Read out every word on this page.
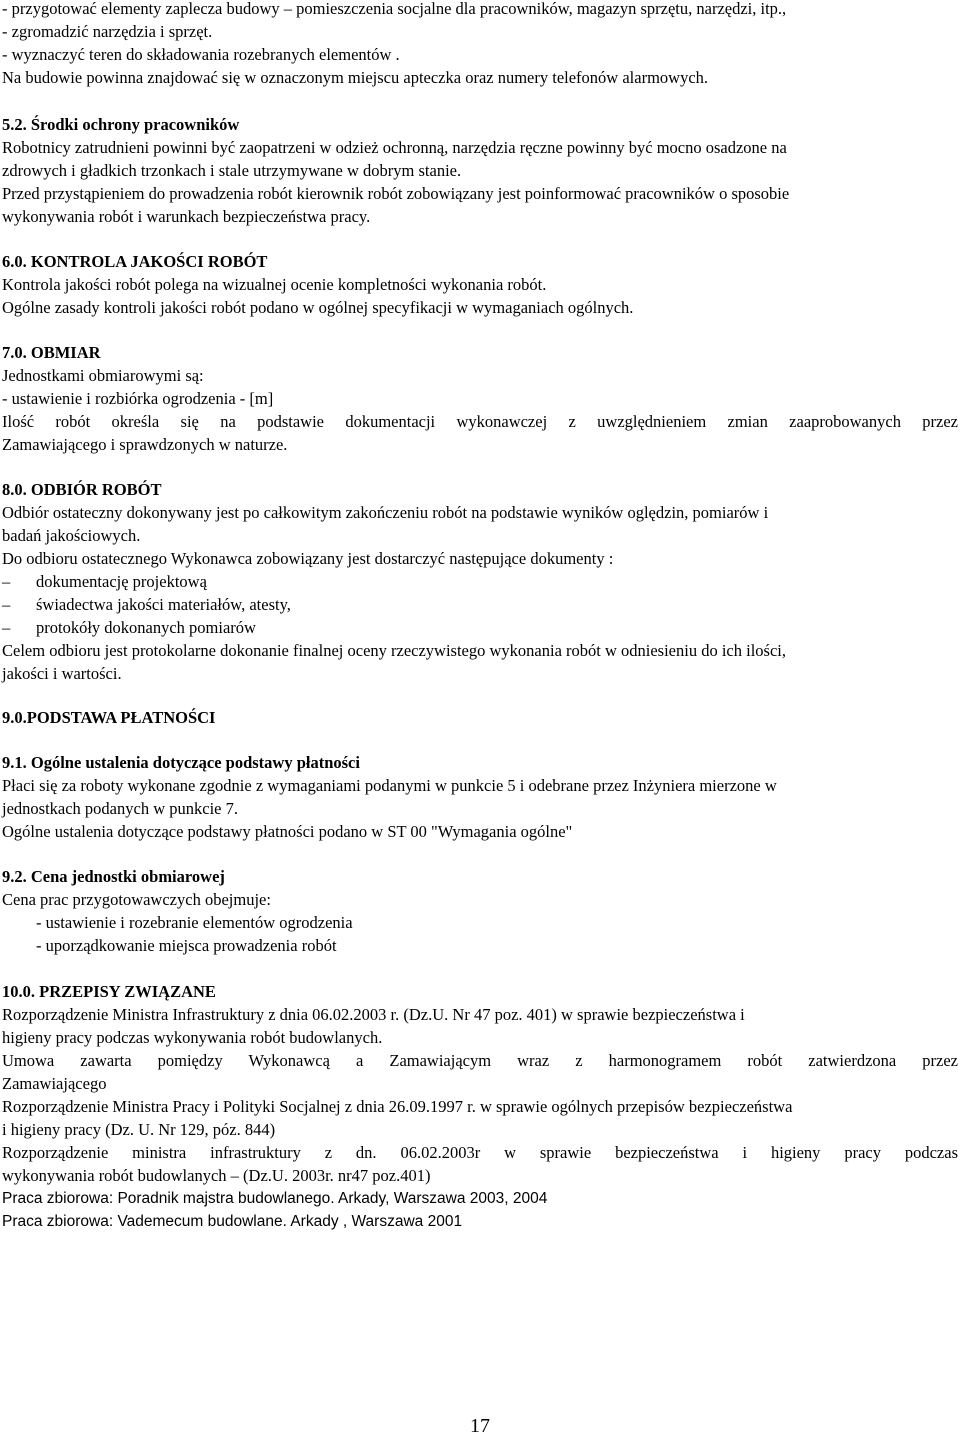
- przygotować elementy zaplecza budowy – pomieszczenia socjalne dla pracowników, magazyn sprzętu, narzędzi, itp.,
- zgromadzić narzędzia i sprzęt.
- wyznaczyć teren do składowania rozebranych elementów .
Na budowie powinna znajdować się w oznaczonym miejscu apteczka oraz numery telefonów alarmowych.
5.2. Środki ochrony pracowników
Robotnicy zatrudnieni powinni być zaopatrzeni w odzież ochronną, narzędzia ręczne powinny być mocno osadzone na
zdrowych i gładkich trzonkach i stale utrzymywane w dobrym stanie.
Przed przystąpieniem do prowadzenia robót kierownik robót zobowiązany jest poinformować pracowników o sposobie
wykonywania robót i warunkach bezpieczeństwa pracy.
6.0. KONTROLA JAKOŚCI ROBÓT
Kontrola jakości robót polega na wizualnej ocenie kompletności wykonania robót.
Ogólne zasady kontroli jakości robót podano w ogólnej specyfikacji w wymaganiach ogólnych.
7.0. OBMIAR
Jednostkami obmiarowymi są:
- ustawienie i rozbiórka ogrodzenia - [m]
Ilość robót określa się na podstawie dokumentacji wykonawczej z uwzględnieniem zmian zaaprobowanych przez
Zamawiającego i sprawdzonych w naturze.
8.0. ODBIÓR ROBÓT
Odbiór ostateczny dokonywany jest po całkowitym zakończeniu robót na podstawie wyników oględzin, pomiarów i
badań jakościowych.
Do odbioru ostatecznego Wykonawca zobowiązany jest dostarczyć następujące dokumenty :
–	dokumentację projektową
–	świadectwa jakości materiałów, atesty,
–	protokóły dokonanych pomiarów
Celem odbioru jest protokolarne dokonanie finalnej oceny rzeczywistego wykonania robót w odniesieniu do ich ilości,
jakości i wartości.
9.0.PODSTAWA PŁATNOŚCI
9.1. Ogólne ustalenia dotyczące podstawy płatności
Płaci się za roboty wykonane zgodnie z wymaganiami podanymi w punkcie 5 i odebrane przez Inżyniera mierzone w
jednostkach podanych w punkcie 7.
Ogólne ustalenia dotyczące podstawy płatności podano w ST 00 "Wymagania ogólne"
9.2. Cena jednostki obmiarowej
Cena prac przygotowawczych obejmuje:
- ustawienie i rozebranie elementów ogrodzenia
- uporządkowanie miejsca prowadzenia robót
10.0. PRZEPISY ZWIĄZANE
Rozporządzenie Ministra Infrastruktury z dnia 06.02.2003 r. (Dz.U. Nr 47 poz. 401) w sprawie bezpieczeństwa i
higieny pracy podczas wykonywania robót budowlanych.
Umowa zawarta pomiędzy Wykonawcą a Zamawiającym wraz z harmonogramem robót zatwierdzona przez
Zamawiającego
Rozporządzenie Ministra Pracy i Polityki Socjalnej z dnia 26.09.1997 r. w sprawie ogólnych przepisów bezpieczeństwa
i higieny pracy (Dz. U. Nr 129, póz. 844)
Rozporządzenie ministra infrastruktury z dn. 06.02.2003r w sprawie bezpieczeństwa i higieny pracy podczas
wykonywania robót budowlanych – (Dz.U. 2003r. nr47 poz.401)
Praca zbiorowa: Poradnik majstra budowlanego. Arkady, Warszawa 2003, 2004
Praca zbiorowa: Vademecum budowlane. Arkady , Warszawa 2001
17
